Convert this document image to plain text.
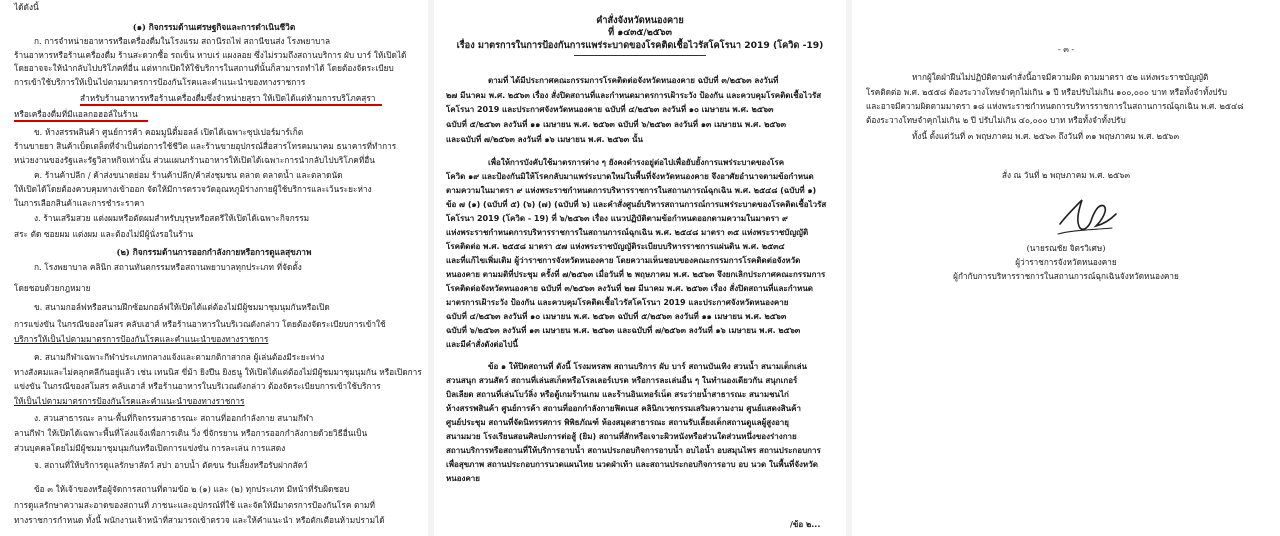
ได้ดังนี้
(๑) กิจกรรมด้านเศรษฐกิจและการดำเนินชีวิต
ก. การจำหน่ายอาหารหรือเครื่องดื่มในโรงแรม สถานีรถไฟ สถานีขนส่ง โรงพยาบาล
ร้านอาหารหรือร้านเครื่องดื่ม ร้านสะดวกซื้อ รถเข็น หาบเร่ แผงลอย ซึ่งไม่รวมถึงสถานบริการ ผับ บาร์ ให้เปิดได้
โดยอาจจะให้นำกลับไปบริโภคที่อื่น แต่หากเปิดให้ใช้บริการในสถานที่นั้นก็สามารถทำได้ โดยต้องจัดระเบียบ
การเข้าใช้บริการให้เป็นไปตามมาตรการป้องกันโรคและคำแนะนำของทางราชการ
สำหรับร้านอาหารหรือร้านเครื่องดื่มซึ่งจำหน่ายสุรา ให้เปิดได้แต่ห้ามการบริโภคสุรา
หรือเครื่องดื่มที่มีแอลกอฮอล์ในร้าน
ข. ห้างสรรพสินค้า ศูนย์การค้า คอมมูนิตี้มอลล์ เปิดได้เฉพาะซุปเปอร์มาร์เก็ต
ร้านขายยา สินค้าเบ็ดเตล็ดที่จำเป็นต่อการใช้ชีวิต และร้านขายอุปกรณ์สื่อสารโทรคมนาคม ธนาคารที่ทำการ
หน่วยงานของรัฐและรัฐวิสาหกิจเท่านั้น ส่วนแผนกร้านอาหารให้เปิดได้เฉพาะการนำกลับไปบริโภคที่อื่น
ค. ร้านค้าปลีก / ค้าส่งขนาดย่อม ร้านค้าปลีก/ค้าส่งชุมชน ตลาด ตลาดน้ำ และตลาดนัด
ให้เปิดได้โดยต้องควบคุมทางเข้าออก จัดให้มีการตรวจวัดอุณหภูมิร่างกายผู้ใช้บริการและเว้นระยะห่าง
ในการเลือกสินค้าและการชำระราคา
ง. ร้านเสริมสวย แต่งผมหรือตัดผมสำหรับบุรุษหรือสตรีให้เปิดได้เฉพาะกิจกรรม
สระ ตัด ซอยผม แต่งผม และต้องไม่มีผู้นั่งรอในร้าน
(๒) กิจกรรมด้านการออกกำลังกายหรือการดูแลสุขภาพ
ก. โรงพยาบาล คลินิก สถานทันตกรรมหรือสถานพยาบาลทุกประเภท ที่จัดตั้ง
โดยชอบด้วยกฎหมาย
ข. สนามกอล์ฟหรือสนามฝึกซ้อมกอล์ฟให้เปิดได้แต่ต้องไม่มีผู้ชมมาชุมนุมกันหรือเปิด
การแข่งขัน ในกรณีของสโมสร คลับเฮาส์ หรือร้านอาหารในบริเวณดังกล่าว โดยต้องจัดระเบียบการเข้าใช้
บริการให้เป็นไปตามมาตรการป้องกันโรคและคำแนะนำของทางราชการ
ค. สนามกีฬาเฉพาะกีฬาประเภทกลางแจ้งและตามกติกาสากล ผู้เล่นต้องมีระยะห่าง
ทางสังคมและไม่คลุกคลีกันอยู่แล้ว เช่น เทนนิส ขี่ม้า ยิงปืน ยิงธนู ให้เปิดได้แต่ต้องไม่มีผู้ชมมาชุมนุมกัน หรือเปิดการ
แข่งขัน ในกรณีของสโมสร คลับเฮาส์ หรือร้านอาหารในบริเวณดังกล่าว ต้องจัดระเบียบการเข้าใช้บริการ
ให้เป็นไปตามมาตรการป้องกันโรคและคำแนะนำของทางราชการ
ง. สวนสาธารณะ ลาน-พื้นที่กิจกรรมสาธารณะ สถานที่ออกกำลังกาย สนามกีฬา
ลานกีฬา ให้เปิดได้เฉพาะพื้นที่โล่งแจ้งเพื่อการเดิน วิ่ง ขี่จักรยาน หรือการออกกำลังกายด้วยวิธีอื่นเป็น
ส่วนบุคคลโดยไม่มีผู้ชมมาชุมนุมกันหรือเปิดการแข่งขัน การละเล่น การแสดง
จ. สถานที่ให้บริการดูแลรักษาสัตว์ สปา อาบน้ำ ตัดขน รับเลี้ยงหรือรับฝากสัตว์
ข้อ ๓ ให้เจ้าของหรือผู้จัดการสถานที่ตามข้อ ๒ (๑) และ (๒) ทุกประเภท มีหน้าที่รับผิดชอบ
การดูแลรักษาความสะอาดของสถานที่ ภาชนะและอุปกรณ์ที่ใช้ และจัดให้มีมาตรการป้องกันโรค ตามที่
ทางราชการกำหนด ทั้งนี้ พนักงานเจ้าหน้าที่สามารถเข้าตรวจ และให้คำแนะนำ หรือตักเตือนห้ามปรามได้
คำสั่งจังหวัดหนองคาย
ที่ ๑๔๓๕/๒๕๖๓
เรื่อง มาตรการในการป้องกันการแพร่ระบาดของโรคติดเชื้อไวรัสโคโรนา 2019 (โควิด -19)
ตามที่ ได้มีประกาศคณะกรรมการโรคติดต่อจังหวัดหนองคาย ฉบับที่ ๓/๒๕๖๓ ลงวันที่
๒๗ มีนาคม พ.ศ. ๒๕๖๓ เรื่อง สั่งปิดสถานที่และกำหนดมาตรการเฝ้าระวัง ป้องกัน และควบคุมโรคติดเชื้อไวรัส
โคโรนา 2019 และประกาศจังหวัดหนองคาย ฉบับที่ ๔/๒๕๖๓ ลงวันที่ ๑๐ เมษายน พ.ศ. ๒๕๖๓
ฉบับที่ ๕/๒๕๖๓ ลงวันที่ ๑๑ เมษายน พ.ศ. ๒๕๖๓ ฉบับที่ ๖/๒๕๖๓ ลงวันที่ ๑๓ เมษายน พ.ศ. ๒๕๖๓
และฉบับที่ ๗/๒๕๖๓ ลงวันที่ ๑๖ เมษายน พ.ศ. ๒๕๖๓ นั้น
เพื่อให้การบังคับใช้มาตรการต่าง ๆ ยังคงดำรงอยู่ต่อไปเพื่อยับยั้งการแพร่ระบาดของโรค
โควิด ๑๙ และป้องกันมิให้โรคกลับมาแพร่ระบาดใหม่ในพื้นที่จังหวัดหนองคาย จึงอาศัยอำนาจตามข้อกำหนด
ตามความในมาตรา ๙ แห่งพระราชกำหนดการบริหารราชการในสถานการณ์ฉุกเฉิน พ.ศ. ๒๕๔๘ (ฉบับที่ ๑)
ข้อ ๗ (๑) (ฉบับที่ ๕) (๖) (๗) (ฉบับที่ ๖) และคำสั่งศูนย์บริหารสถานการณ์การแพร่ระบาดของโรคติดเชื้อไวรัส
โคโรนา 2019 (โควิด - 19) ที่ ๖/๒๕๖๓ เรื่อง แนวปฏิบัติตามข้อกำหนดออกตามความในมาตรา ๙
แห่งพระราชกำหนดการบริหารราชการในสถานการณ์ฉุกเฉิน พ.ศ. ๒๕๔๘ มาตรา ๓๕ แห่งพระราชบัญญัติ
โรคติดต่อ พ.ศ. ๒๕๕๘ มาตรา ๕๗ แห่งพระราชบัญญัติระเบียบบริหารราชการแผ่นดิน พ.ศ. ๒๕๓๔
และที่แก้ไขเพิ่มเติม ผู้ว่าราชการจังหวัดหนองคาย โดยความเห็นชอบของคณะกรรมการโรคติดต่อจังหวัด
หนองคาย ตามมติที่ประชุม ครั้งที่ ๗/๒๕๖๓ เมื่อวันที่ ๒ พฤษภาคม พ.ศ. ๒๕๖๓ จึงยกเลิกประกาศคณะกรรมการ
โรคติดต่อจังหวัดหนองคาย ฉบับที่ ๓/๒๕๖๓ ลงวันที่ ๒๗ มีนาคม พ.ศ. ๒๕๖๓ เรื่อง สั่งปิดสถานที่และกำหนด
มาตรการเฝ้าระวัง ป้องกัน และควบคุมโรคติดเชื้อไวรัสโคโรนา 2019 และประกาศจังหวัดหนองคาย
ฉบับที่ ๔/๒๕๖๓ ลงวันที่ ๑๐ เมษายน พ.ศ. ๒๕๖๓ ฉบับที่ ๕/๒๕๖๓ ลงวันที่ ๑๑ เมษายน พ.ศ. ๒๕๖๓
ฉบับที่ ๖/๒๕๖๓ ลงวันที่ ๑๓ เมษายน พ.ศ. ๒๕๖๓ และฉบับที่ ๗/๒๕๖๓ ลงวันที่ ๑๖ เมษายน พ.ศ. ๒๕๖๓
และมีคำสั่งดังต่อไปนี้
ข้อ ๑ ให้ปิดสถานที่ ดังนี้ โรงมหรสพ สถานบริการ ผับ บาร์ สถานบันเทิง สวนน้ำ สนามเด็กเล่น
สวนสนุก สวนสัตว์ สถานที่เล่นสเก็ตหรือโรลเลอร์เบรด หรือการละเล่นอื่น ๆ ในทำนองเดียวกัน สนุกเกอร์
บิลเลียด สถานที่เล่นโบว์ลิ่ง หรือตู้เกมร้านเกม และร้านอินเทอร์เน็ต สระว่ายน้ำสาธารณะ สนามชนไก่
ห้างสรรพสินค้า ศูนย์การค้า สถานที่ออกกำลังกายฟิตเนส คลินิกเวชกรรมเสริมความงาม ศูนย์แสดงสินค้า
ศูนย์ประชุม สถานที่จัดนิทรรศการ พิพิธภัณฑ์ ห้องสมุดสาธารณะ สถานรับเลี้ยงเด็กสถานดูแลผู้สูงอายุ
สนามมวย โรงเรียนสอนศิลปะการต่อสู้ (ยิม) สถานที่สักหรือเจาะผิวหนังหรือส่วนใดส่วนหนึ่งของร่างกาย
สถานบริการหรือสถานที่ให้บริการอาบน้ำ สถานประกอบกิจการอาบน้ำ อบไอน้ำ อบสมุนไพร สถานประกอบการ
เพื่อสุขภาพ สถานประกอบการนวดแผนไทย นวดฝ่าเท้า และสถานประกอบกิจการอาบ อบ นวด ในพื้นที่จังหวัด
หนองคาย
/ข้อ ๒...
- ๓ -
หากผู้ใดฝ่าฝืนไม่ปฏิบัติตามคำสั่งนี้อาจมีความผิด ตามมาตรา ๕๒ แห่งพระราชบัญญัติ
โรคติดต่อ พ.ศ. ๒๕๕๘ ต้องระวางโทษจำคุกไม่เกิน ๑ ปี หรือปรับไม่เกิน ๑๐๐,๐๐๐ บาท หรือทั้งจำทั้งปรับ
และอาจมีความผิดตามมาตรา ๑๘ แห่งพระราชกำหนดการบริหารราชการในสถานการณ์ฉุกเฉิน พ.ศ. ๒๕๔๘
ต้องระวางโทษจำคุกไม่เกิน ๒ ปี ปรับไม่เกิน ๔๐,๐๐๐ บาท หรือทั้งจำทั้งปรับ
ทั้งนี้ ตั้งแต่วันที่ ๓ พฤษภาคม พ.ศ. ๒๕๖๓ ถึงวันที่ ๓๑ พฤษภาคม พ.ศ. ๒๕๖๓
สั่ง ณ วันที่ ๒ พฤษภาคม พ.ศ. ๒๕๖๓
(นายรณชัย จิตรวิเศษ)
ผู้ว่าราชการจังหวัดหนองคาย
ผู้กำกับการบริหารราชการในสถานการณ์ฉุกเฉินจังหวัดหนองคาย
